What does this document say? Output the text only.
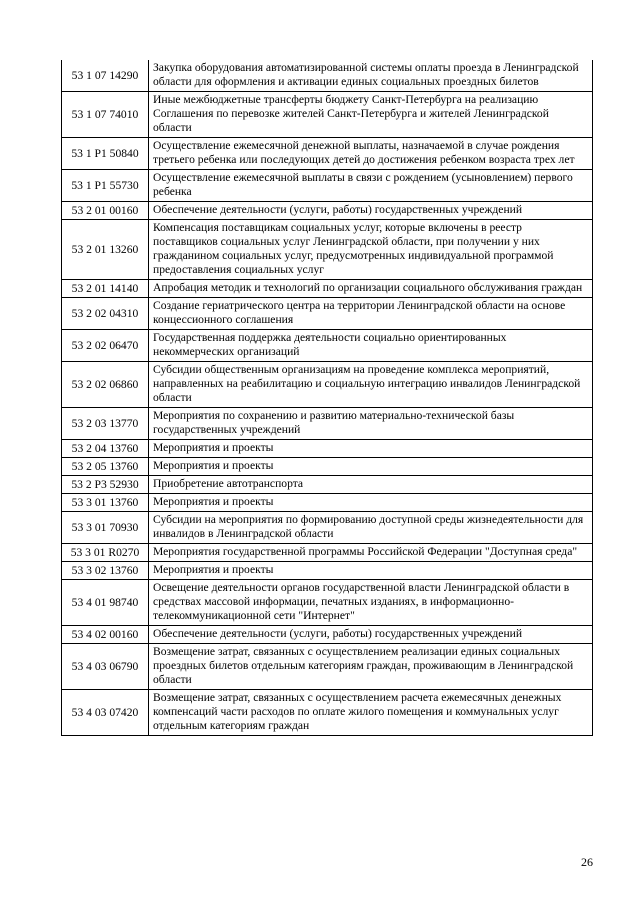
53 1 07 14290	Закупка оборудования автоматизированной системы оплаты проезда в Ленинградской области для оформления и активации единых социальных проездных билетов
53 1 07 74010	Иные межбюджетные трансферты бюджету Санкт-Петербурга на реализацию Соглашения по перевозке жителей Санкт-Петербурга и жителей Ленинградской области
53 1 P1 50840	Осуществление ежемесячной денежной выплаты, назначаемой в случае рождения третьего ребенка или последующих детей до достижения ребенком возраста трех лет
53 1 P1 55730	Осуществление ежемесячной выплаты в связи с рождением (усыновлением) первого ребенка
53 2 01 00160	Обеспечение деятельности (услуги, работы) государственных учреждений
53 2 01 13260	Компенсация поставщикам социальных услуг, которые включены в реестр поставщиков социальных услуг Ленинградской области, при получении у них гражданином социальных услуг, предусмотренных индивидуальной программой предоставления социальных услуг
53 2 01 14140	Апробация методик и технологий по организации социального обслуживания граждан
53 2 02 04310	Создание гериатрического центра на территории Ленинградской области на основе концессионного соглашения
53 2 02 06470	Государственная поддержка деятельности социально ориентированных некоммерческих организаций
53 2 02 06860	Субсидии общественным организациям на проведение комплекса мероприятий, направленных на реабилитацию и социальную интеграцию инвалидов Ленинградской области
53 2 03 13770	Мероприятия по сохранению и развитию материально-технической базы государственных учреждений
53 2 04 13760	Мероприятия и проекты
53 2 05 13760	Мероприятия и проекты
53 2 P3 52930	Приобретение автотранспорта
53 3 01 13760	Мероприятия и проекты
53 3 01 70930	Субсидии на мероприятия по формированию доступной среды жизнедеятельности для инвалидов в Ленинградской области
53 3 01 R0270	Мероприятия государственной программы Российской Федерации "Доступная среда"
53 3 02 13760	Мероприятия и проекты
53 4 01 98740	Освещение деятельности органов государственной власти Ленинградской области в средствах массовой информации, печатных изданиях, в информационно-телекоммуникационной сети "Интернет"
53 4 02 00160	Обеспечение деятельности (услуги, работы) государственных учреждений
53 4 03 06790	Возмещение затрат, связанных с осуществлением реализации единых социальных проездных билетов отдельным категориям граждан, проживающим в Ленинградской области
53 4 03 07420	Возмещение затрат, связанных с осуществлением расчета ежемесячных денежных компенсаций части расходов по оплате жилого помещения и коммунальных услуг отдельным категориям граждан
26
